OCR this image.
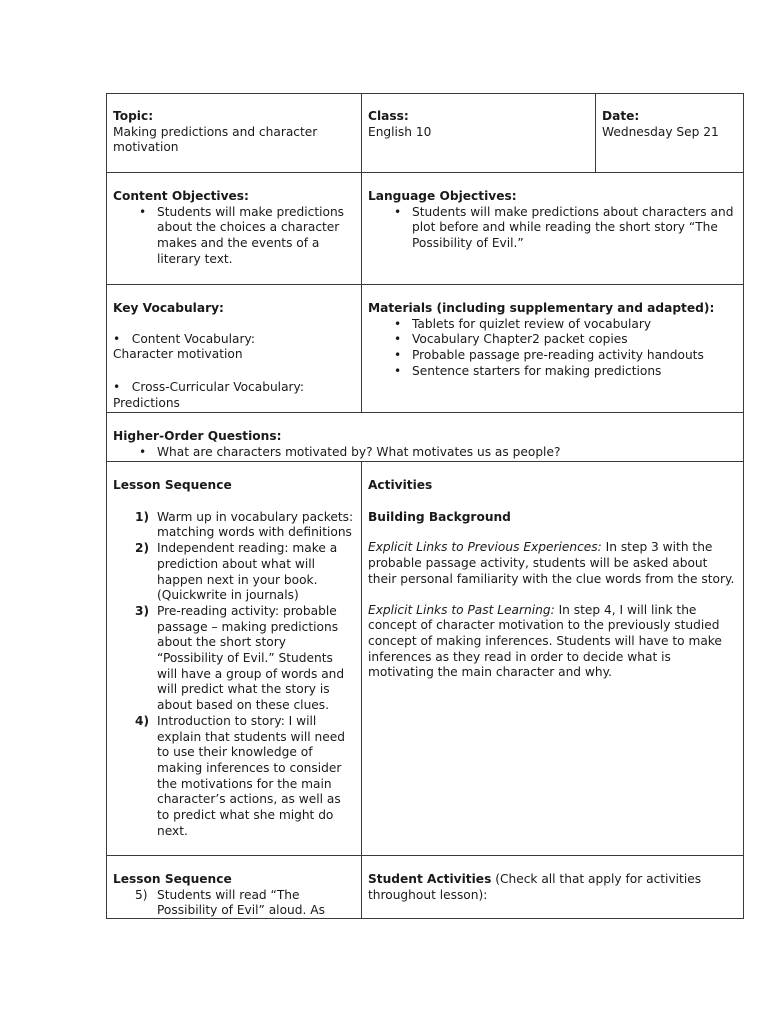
Topic:
Making predictions and character motivation
Class:
English 10
Date:
Wednesday Sep 21
Content Objectives:
• Students will make predictions about the choices a character makes and the events of a literary text.
Language Objectives:
• Students will make predictions about characters and plot before and while reading the short story “The Possibility of Evil.”
Key Vocabulary:
•   Content Vocabulary:
Character motivation
•   Cross-Curricular Vocabulary:
Predictions
Materials (including supplementary and adapted):
• Tablets for quizlet review of vocabulary
• Vocabulary Chapter2 packet copies
• Probable passage pre-reading activity handouts
• Sentence starters for making predictions
Higher-Order Questions:
• What are characters motivated by? What motivates us as people?
Lesson Sequence
1) Warm up in vocabulary packets: matching words with definitions
2) Independent reading: make a prediction about what will happen next in your book. (Quickwrite in journals)
3) Pre-reading activity: probable passage – making predictions about the short story “Possibility of Evil.” Students will have a group of words and will predict what the story is about based on these clues.
4) Introduction to story: I will explain that students will need to use their knowledge of making inferences to consider the motivations for the main character’s actions, as well as to predict what she might do next.
Activities
Building Background

Explicit Links to Previous Experiences: In step 3 with the probable passage activity, students will be asked about their personal familiarity with the clue words from the story.

Explicit Links to Past Learning: In step 4, I will link the concept of character motivation to the previously studied concept of making inferences. Students will have to make inferences as they read in order to decide what is motivating the main character and why.

Lesson Sequence
5) Students will read “The Possibility of Evil” aloud. As

Student Activities (Check all that apply for activities throughout lesson):
